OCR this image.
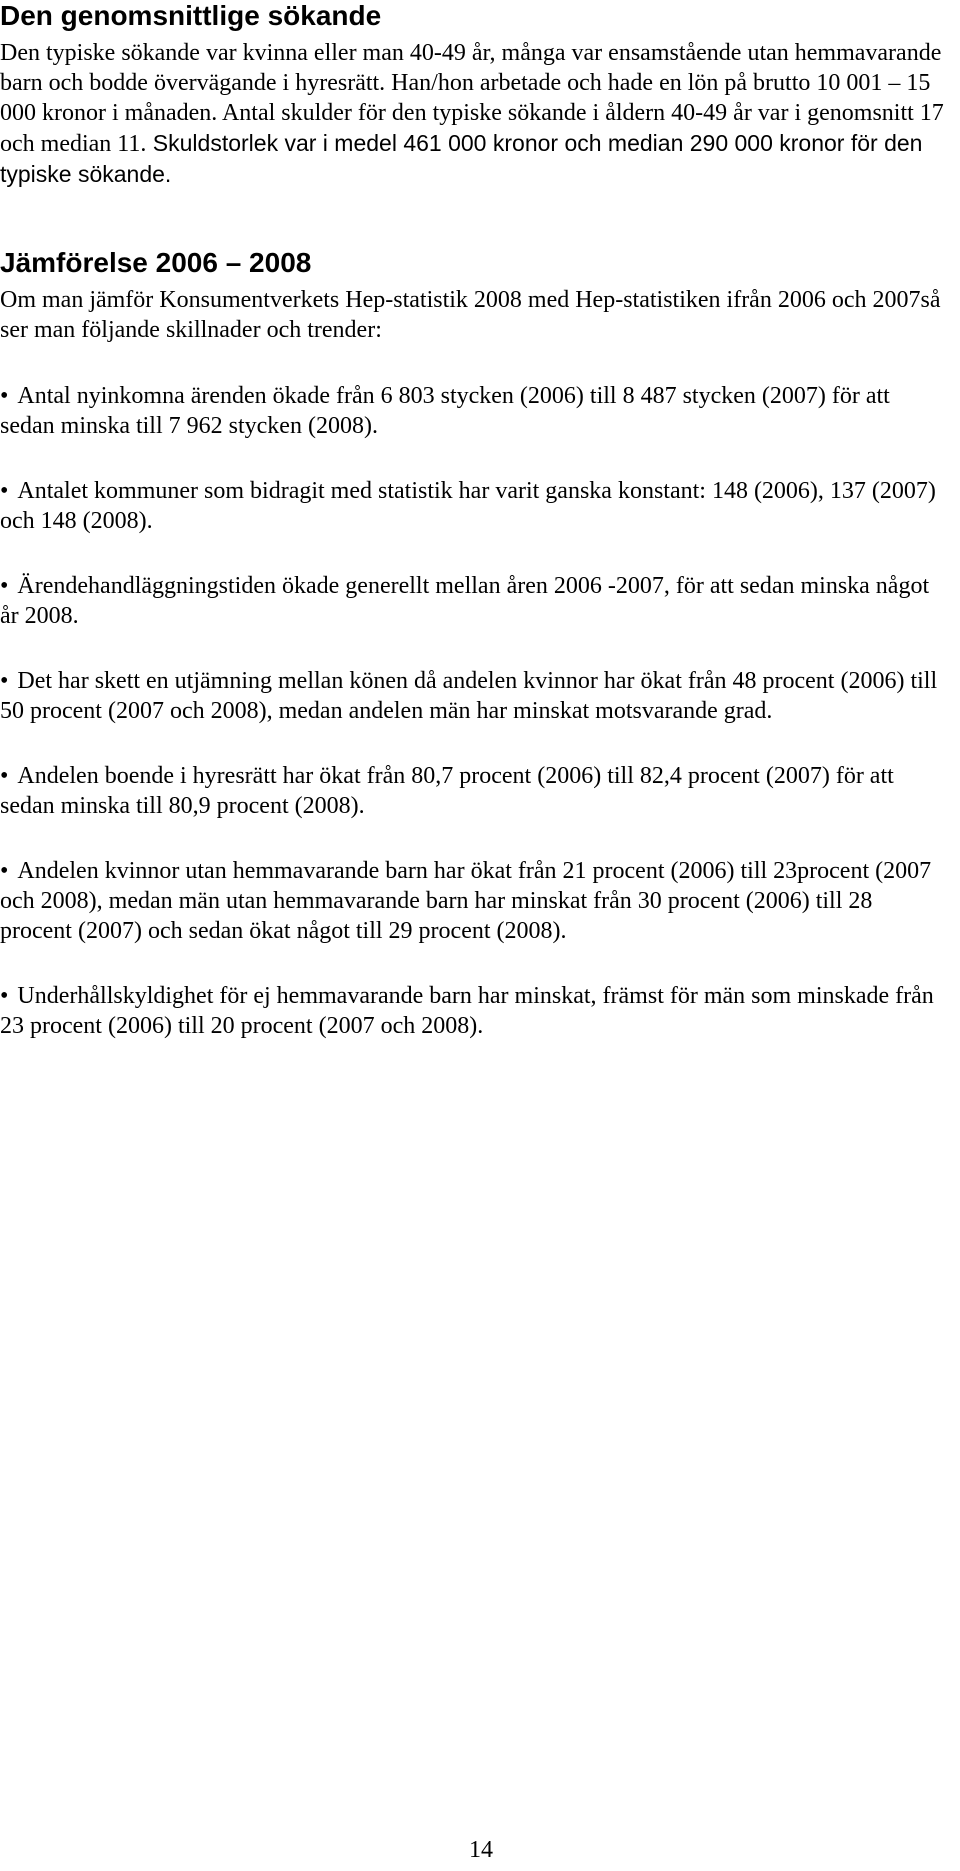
Den genomsnittlige sökande

Den typiske sökande var kvinna eller man 40-49 år, många var ensamstående utan hemmavarande barn och bodde övervägande i hyresrätt. Han/hon arbetade och hade en lön på brutto 10 001 – 15 000 kronor i månaden. Antal skulder för den typiske sökande i åldern 40-49 år var i genomsnitt 17 och median 11. Skuldstorlek var i medel 461 000 kronor och median 290 000 kronor för den typiske sökande.

Jämförelse 2006 – 2008

Om man jämför Konsumentverkets Hep-statistik 2008 med Hep-statistiken ifrån 2006 och 2007så ser man följande skillnader och trender:

• Antal nyinkomna ärenden ökade från 6 803 stycken (2006) till 8 487 stycken (2007) för att sedan minska till 7 962 stycken (2008).

• Antalet kommuner som bidragit med statistik har varit ganska konstant: 148 (2006), 137 (2007) och 148 (2008).

• Ärendehandläggningstiden ökade generellt mellan åren 2006 -2007, för att sedan minska något år 2008.

• Det har skett en utjämning mellan könen då andelen kvinnor har ökat från 48 procent (2006) till 50 procent (2007 och 2008), medan andelen män har minskat motsvarande grad.

• Andelen boende i hyresrätt har ökat från 80,7 procent (2006) till 82,4 procent (2007) för att sedan minska till 80,9 procent (2008).

• Andelen kvinnor utan hemmavarande barn har ökat från 21 procent (2006) till 23procent (2007 och 2008), medan män utan hemmavarande barn har minskat från 30 procent (2006) till 28 procent (2007) och sedan ökat något till 29 procent (2008).

• Underhållskyldighet för ej hemmavarande barn har minskat, främst för män som minskade från 23 procent (2006) till 20 procent (2007 och 2008).

14
